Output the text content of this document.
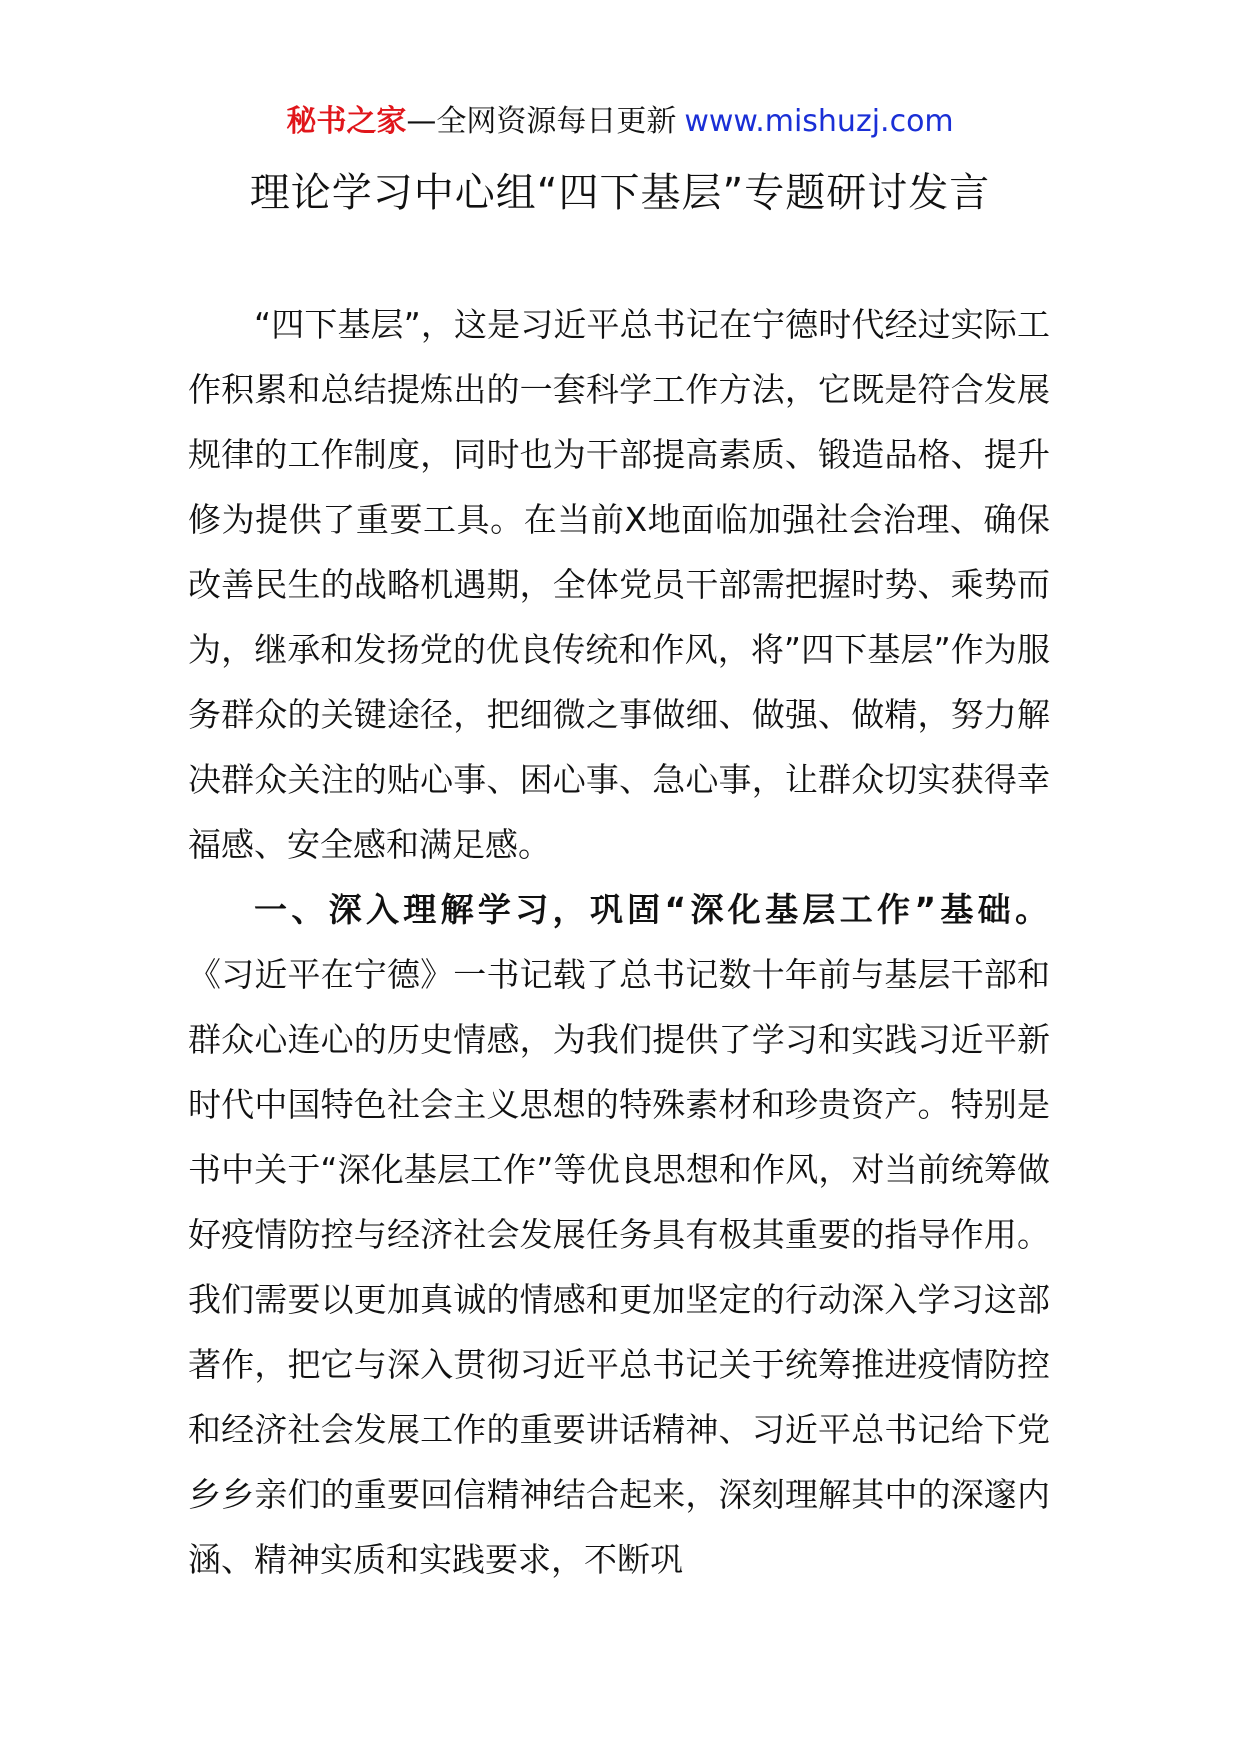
秘书之家—全网资源每日更新 www.mishuzj.com
理论学习中心组“四下基层”专题研讨发言

“四下基层”，这是习近平总书记在宁德时代经过实际工作积累和总结提炼出的一套科学工作方法，它既是符合发展规律的工作制度，同时也为干部提高素质、锻造品格、提升修为提供了重要工具。在当前X地面临加强社会治理、确保改善民生的战略机遇期，全体党员干部需把握时势、乘势而为，继承和发扬党的优良传统和作风，将”四下基层”作为服务群众的关键途径，把细微之事做细、做强、做精，努力解决群众关注的贴心事、困心事、急心事，让群众切实获得幸福感、安全感和满足感。

一、深入理解学习，巩固“深化基层工作”基础。《习近平在宁德》一书记载了总书记数十年前与基层干部和群众心连心的历史情感，为我们提供了学习和实践习近平新时代中国特色社会主义思想的特殊素材和珍贵资产。特别是书中关于“深化基层工作”等优良思想和作风，对当前统筹做好疫情防控与经济社会发展任务具有极其重要的指导作用。我们需要以更加真诚的情感和更加坚定的行动深入学习这部著作，把它与深入贯彻习近平总书记关于统筹推进疫情防控和经济社会发展工作的重要讲话精神、习近平总书记给下党乡乡亲们的重要回信精神结合起来，深刻理解其中的深邃内涵、精神实质和实践要求，不断巩
